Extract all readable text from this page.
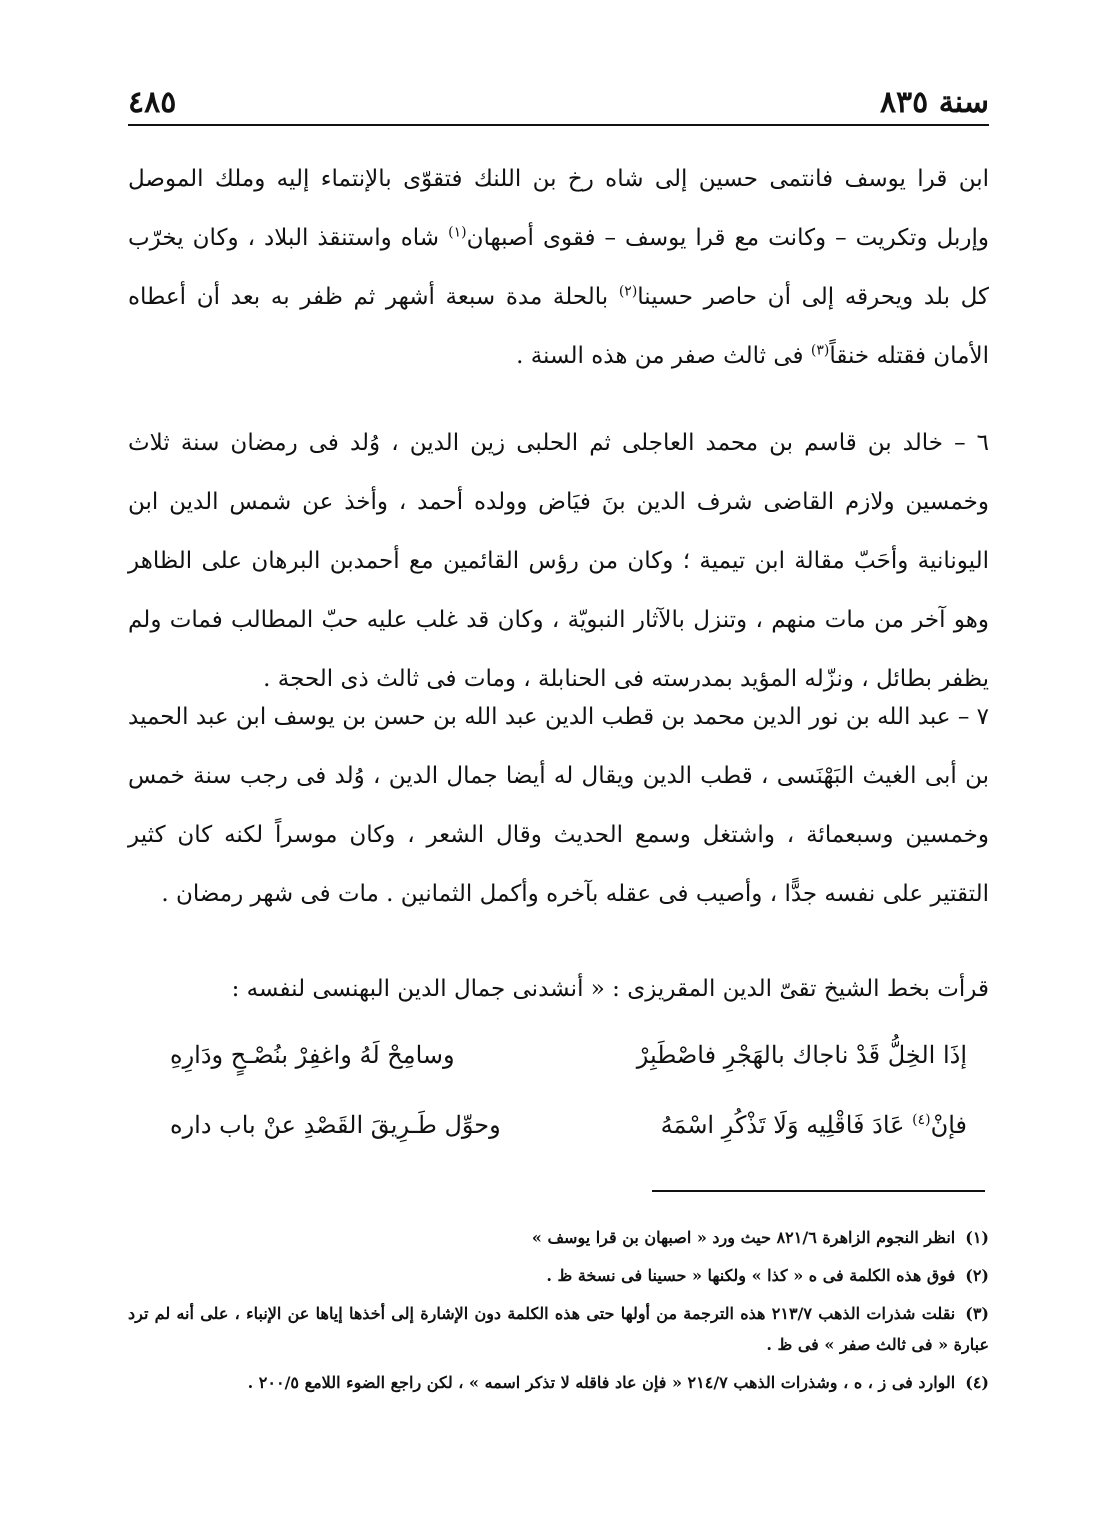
سنة ٨٣٥
٤٨٥

ابن قرا يوسف فانتمى حسين إلى شاه رخ بن اللنك فتقوّى بالإنتماء إليه وملك الموصل وإربل وتكريت – وكانت مع قرا يوسف – فقوى أصبهان$^{(١)}$ شاه واستنقذ البلاد ، وكان يخرّب كل بلد ويحرقه إلى أن حاصر حسينا$^{(٢)}$ بالحلة مدة سبعة أشهر ثم ظفر به بعد أن أعطاه الأمان فقتله خنقاً$^{(٣)}$ فى ثالث صفر من هذه السنة .

٦ – خالد بن قاسم بن محمد العاجلى ثم الحلبى زين الدين ، وُلد فى رمضان سنة ثلاث وخمسين ولازم القاضى شرف الدين بنَ فيَاض وولده أحمد ، وأخذ عن شمس الدين ابن اليونانية وأحَبّ مقالة ابن تيمية ؛ وكان من رؤس القائمين مع أحمدبن البرهان على الظاهر وهو آخر من مات منهم ، وتنزل بالآثار النبويّة ، وكان قد غلب عليه حبّ المطالب فمات ولم يظفر بطائل ، ونزّله المؤيد بمدرسته فى الحنابلة ، ومات فى ثالث ذى الحجة .

٧ – عبد الله بن نور الدين محمد بن قطب الدين عبد الله بن حسن بن يوسف ابن عبد الحميد بن أبى الغيث البَهْنَسى ، قطب الدين ويقال له أيضا جمال الدين ، وُلد فى رجب سنة خمس وخمسين وسبعمائة ، واشتغل وسمع الحديث وقال الشعر ، وكان موسراً لكنه كان كثير التقتير على نفسه جدًّا ، وأصيب فى عقله بآخره وأكمل الثمانين . مات فى شهر رمضان .

قرأت بخط الشيخ تقىّ الدين المقريزى : « أنشدنى جمال الدين البهنسى لنفسه :

إذَا الخِلُّ قَدْ ناجاك بالهَجْرِ فاصْطَبِرْ
وسامِحْ لَهُ واغفِرْ بنُصْـحٍ ودَارِهِ
فإنْ$^{(٤)}$ عَادَ فَاقْلِيه وَلَا تَذْكُرِ اسْمَهُ
وحوِّل طَـرِيقَ القَصْدِ عنْ باب داره

(١)انظر النجوم الزاهرة ٨٢١/٦ حيث ورد « اصبهان بن قرا يوسف »

(٢)فوق هذه الكلمة فى ه « كذا » ولكنها « حسينا فى نسخة ظ .

(٣)نقلت شذرات الذهب ٢١٣/٧ هذه الترجمة من أولها حتى هذه الكلمة دون الإشارة إلى أخذها إياها عن الإنباء ، على أنه لم ترد عبارة « فى ثالث صفر » فى ظ .

(٤)الوارد فى ز ، ه ، وشذرات الذهب ٢١٤/٧ « فإن عاد فاقله لا تذكر اسمه » ، لكن راجع الضوء اللامع ٢٠٠/٥ .
